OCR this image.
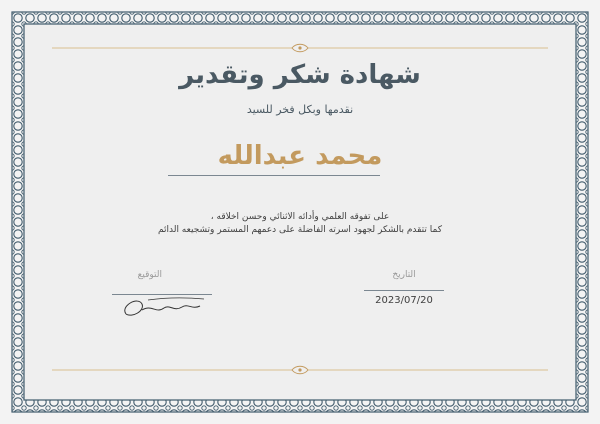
شهادة شكر وتقدير
نقدمها وبكل فخر للسيد
محمد عبدالله
على تفوقه العلمي وأدائه الاثنائي وحسن اخلاقه ،
كما تتقدم بالشكر لجهود اسرته الفاضلة على دعمهم المستمر وتشجيعه الدائم
التوقيع	التاريخ
2023/07/20
